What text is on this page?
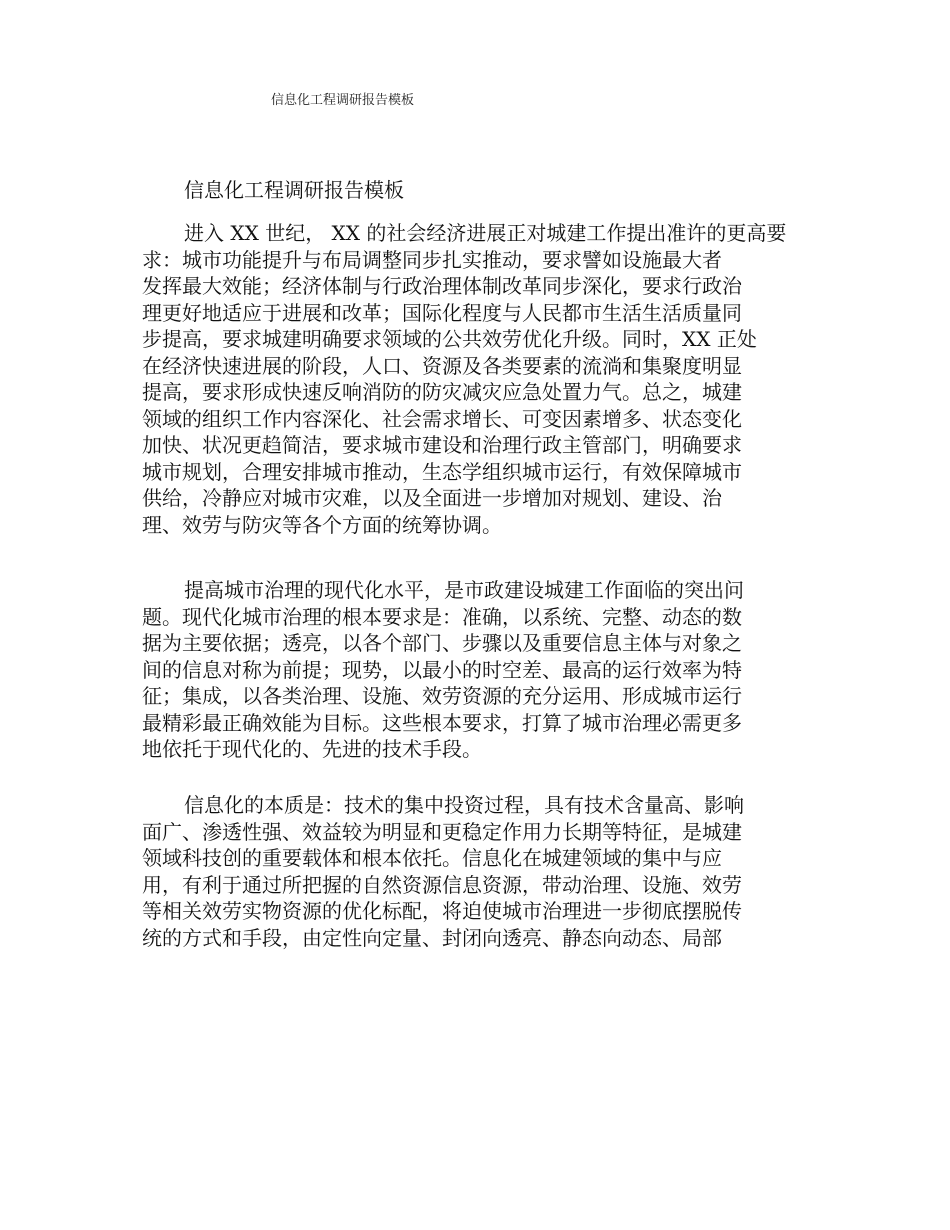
信息化工程调研报告模板
信息化工程调研报告模板
进入 XX 世纪， XX 的社会经济进展正对城建工作提出准许的更高要
求：城市功能提升与布局调整同步扎实推动，要求譬如设施最大者
发挥最大效能；经济体制与行政治理体制改革同步深化，要求行政治
理更好地适应于进展和改革；国际化程度与人民都市生活生活质量同
步提高，要求城建明确要求领域的公共效劳优化升级。同时，XX 正处
在经济快速进展的阶段，人口、资源及各类要素的流淌和集聚度明显
提高，要求形成快速反响消防的防灾减灾应急处置力气。总之，城建
领域的组织工作内容深化、社会需求增长、可变因素增多、状态变化
加快、状况更趋简洁，要求城市建设和治理行政主管部门，明确要求
城市规划，合理安排城市推动，生态学组织城市运行，有效保障城市
供给，冷静应对城市灾难，以及全面进一步增加对规划、建设、治
理、效劳与防灾等各个方面的统筹协调。
提高城市治理的现代化水平，是市政建设城建工作面临的突出问
题。现代化城市治理的根本要求是：准确，以系统、完整、动态的数
据为主要依据；透亮，以各个部门、步骤以及重要信息主体与对象之
间的信息对称为前提；现势，以最小的时空差、最高的运行效率为特
征；集成，以各类治理、设施、效劳资源的充分运用、形成城市运行
最精彩最正确效能为目标。这些根本要求，打算了城市治理必需更多
地依托于现代化的、先进的技术手段。
信息化的本质是：技术的集中投资过程，具有技术含量高、影响
面广、渗透性强、效益较为明显和更稳定作用力长期等特征，是城建
领域科技创的重要载体和根本依托。信息化在城建领域的集中与应
用，有利于通过所把握的自然资源信息资源，带动治理、设施、效劳
等相关效劳实物资源的优化标配，将迫使城市治理进一步彻底摆脱传
统的方式和手段，由定性向定量、封闭向透亮、静态向动态、局部
